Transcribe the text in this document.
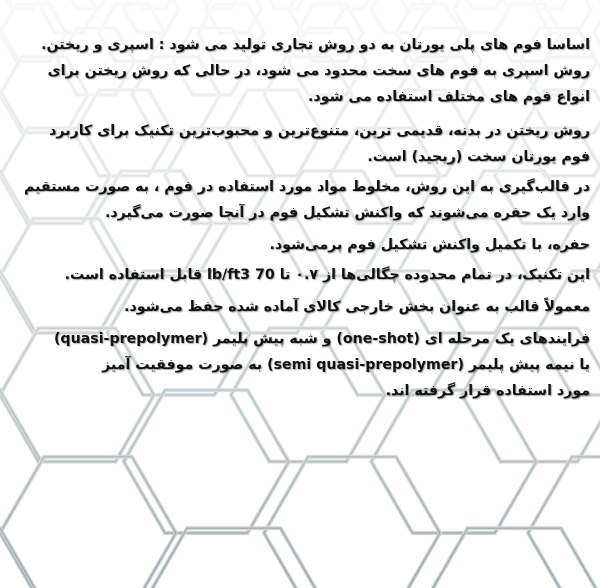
اساسا فوم های پلی یورتان به دو روش تجاری تولید می شود : اسپری و ریختن.
روش اسپری به فوم های سخت محدود می شود، در حالی که روش ریختن برای
انواع فوم های مختلف استفاده می شود.

روش ریختن در بدنه، قدیمی ترین، متنوع‌ترین و محبوب‌ترین تکنیک برای کاربرد
فوم یورتان سخت (ریجید) است.

در قالب‌گیری به این روش، مخلوط مواد مورد استفاده در فوم ، به صورت مستقیم
وارد یک حفره می‌شوند که واکنش تشکیل فوم در آنجا صورت می‌گیرد.

حفره، با تکمیل واکنش تشکیل فوم پرمی‌شود.

این تکنیک، در تمام محدوده چگالی‌ها از ۰.۷ تا 70 lb/ft3 قابل استفاده است.

معمولاً قالب به عنوان بخش خارجی کالای آماده شده حفظ می‌شود.

فرایندهای یک مرحله ای (one-shot) و شبه پیش پلیمر (quasi-prepolymer)
یا نیمه پیش پلیمر (semi quasi-prepolymer) به صورت موفقیت آمیز
مورد استفاده قرار گرفته اند.
